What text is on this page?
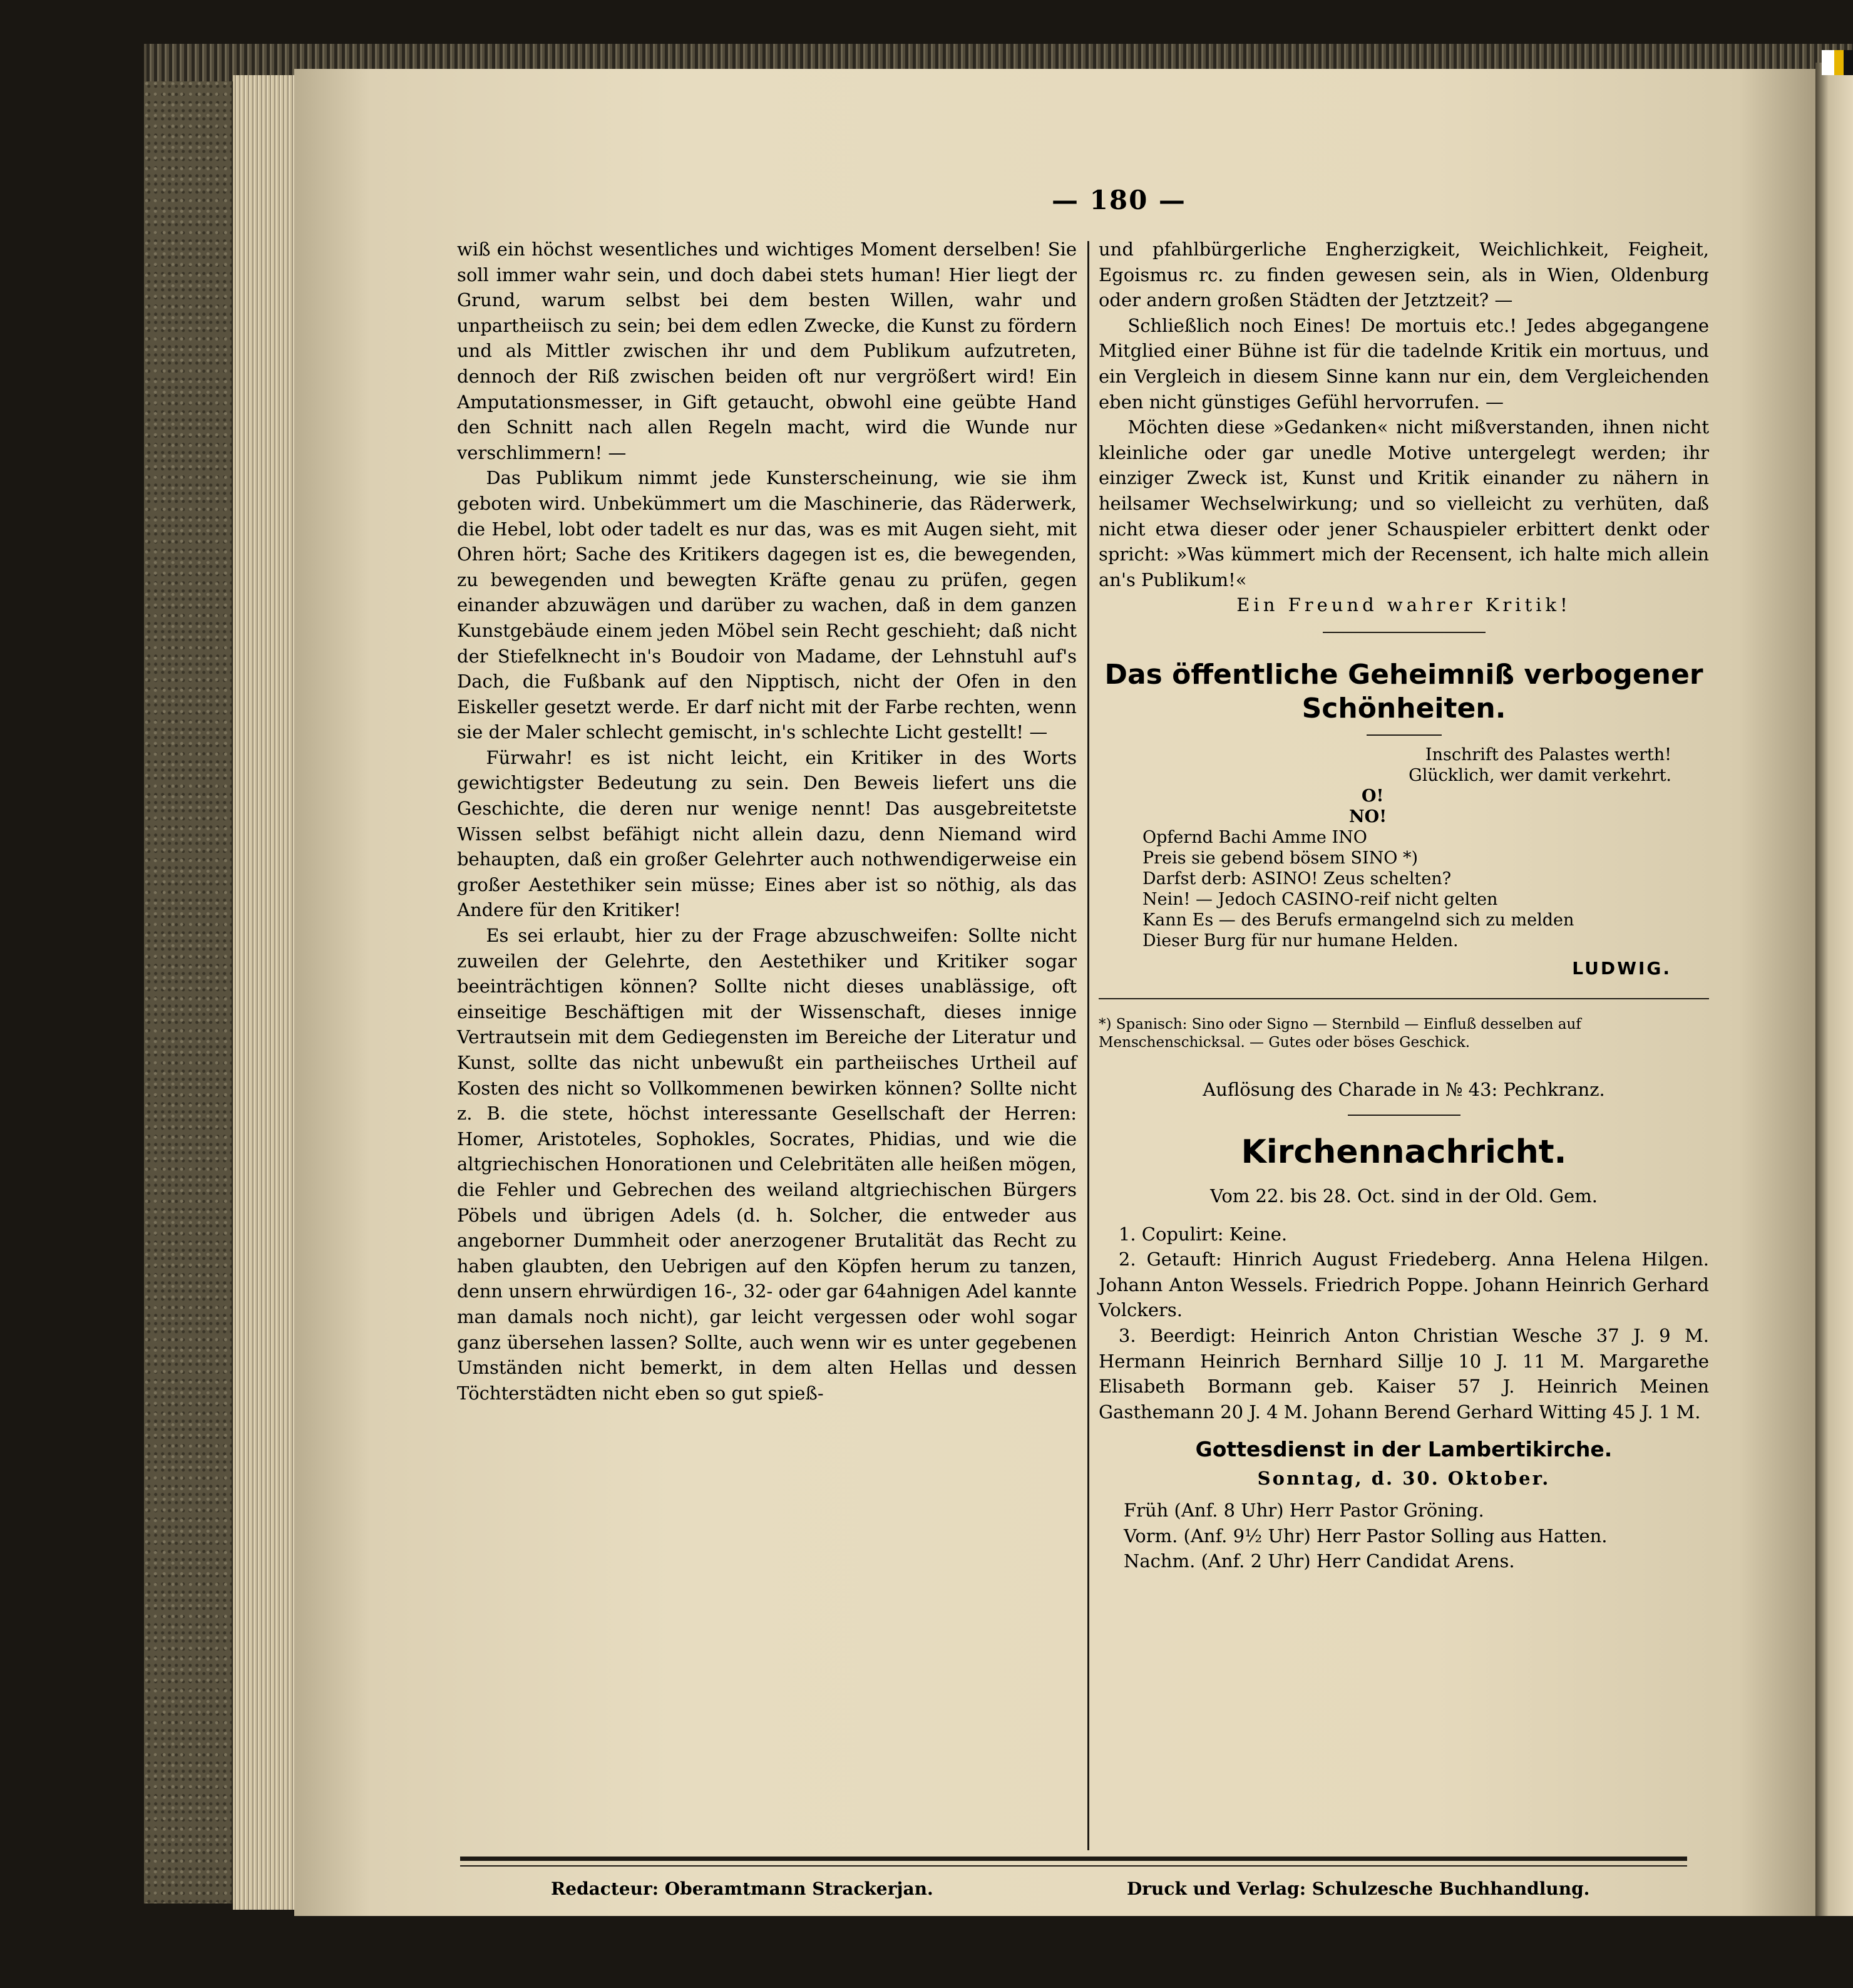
— 180 —

wiß ein höchst wesentliches und wichtiges Moment derselben! Sie soll immer wahr sein, und doch dabei stets human! Hier liegt der Grund, warum selbst bei dem besten Willen, wahr und unpartheiisch zu sein; bei dem edlen Zwecke, die Kunst zu fördern und als Mittler zwischen ihr und dem Publikum aufzutreten, dennoch der Riß zwischen beiden oft nur vergrößert wird! Ein Amputationsmesser, in Gift getaucht, obwohl eine geübte Hand den Schnitt nach allen Regeln macht, wird die Wunde nur verschlimmern! —

Das Publikum nimmt jede Kunsterscheinung, wie sie ihm geboten wird. Unbekümmert um die Maschinerie, das Räderwerk, die Hebel, lobt oder tadelt es nur das, was es mit Augen sieht, mit Ohren hört; Sache des Kritikers dagegen ist es, die bewegenden, zu bewegenden und bewegten Kräfte genau zu prüfen, gegen einander abzuwägen und darüber zu wachen, daß in dem ganzen Kunstgebäude einem jeden Möbel sein Recht geschieht; daß nicht der Stiefelknecht in's Boudoir von Madame, der Lehnstuhl auf's Dach, die Fußbank auf den Nipptisch, nicht der Ofen in den Eiskeller gesetzt werde. Er darf nicht mit der Farbe rechten, wenn sie der Maler schlecht gemischt, in's schlechte Licht gestellt! —

Fürwahr! es ist nicht leicht, ein Kritiker in des Worts gewichtigster Bedeutung zu sein. Den Beweis liefert uns die Geschichte, die deren nur wenige nennt! Das ausgebreitetste Wissen selbst befähigt nicht allein dazu, denn Niemand wird behaupten, daß ein großer Gelehrter auch nothwendigerweise ein großer Aestethiker sein müsse; Eines aber ist so nöthig, als das Andere für den Kritiker!

Es sei erlaubt, hier zu der Frage abzuschweifen: Sollte nicht zuweilen der Gelehrte, den Aestethiker und Kritiker sogar beeinträchtigen können? Sollte nicht dieses unablässige, oft einseitige Beschäftigen mit der Wissenschaft, dieses innige Vertrautsein mit dem Gediegensten im Bereiche der Literatur und Kunst, sollte das nicht unbewußt ein partheiisches Urtheil auf Kosten des nicht so Vollkommenen bewirken können? Sollte nicht z. B. die stete, höchst interessante Gesellschaft der Herren: Homer, Aristoteles, Sophokles, Socrates, Phidias, und wie die altgriechischen Honorationen und Celebritäten alle heißen mögen, die Fehler und Gebrechen des weiland altgriechischen Bürgers Pöbels und übrigen Adels (d. h. Solcher, die entweder aus angeborner Dummheit oder anerzogener Brutalität das Recht zu haben glaubten, den Uebrigen auf den Köpfen herum zu tanzen, denn unsern ehrwürdigen 16-, 32- oder gar 64ahnigen Adel kannte man damals noch nicht), gar leicht vergessen oder wohl sogar ganz übersehen lassen? Sollte, auch wenn wir es unter gegebenen Umständen nicht bemerkt, in dem alten Hellas und dessen Töchterstädten nicht eben so gut spieß-

und pfahlbürgerliche Engherzigkeit, Weichlichkeit, Feigheit, Egoismus rc. zu finden gewesen sein, als in Wien, Oldenburg oder andern großen Städten der Jetztzeit? —

Schließlich noch Eines! De mortuis etc.! Jedes abgegangene Mitglied einer Bühne ist für die tadelnde Kritik ein mortuus, und ein Vergleich in diesem Sinne kann nur ein, dem Vergleichenden eben nicht günstiges Gefühl hervorrufen. —

Möchten diese »Gedanken« nicht mißverstanden, ihnen nicht kleinliche oder gar unedle Motive untergelegt werden; ihr einziger Zweck ist, Kunst und Kritik einander zu nähern in heilsamer Wechselwirkung; und so vielleicht zu verhüten, daß nicht etwa dieser oder jener Schauspieler erbittert denkt oder spricht: »Was kümmert mich der Recensent, ich halte mich allein an's Publikum!«

Ein Freund wahrer Kritik!

Das öffentliche Geheimniß verbogener Schönheiten.
Inschrift des Palastes werth!
Glücklich, wer damit verkehrt.
O!
NO!
Opfernd Bachi Amme INO
Preis sie gebend bösem SINO *)
Darfst derb: ASINO! Zeus schelten?
Nein! — Jedoch CASINO-reif nicht gelten
Kann Es — des Berufs ermangelnd sich zu melden
Dieser Burg für nur humane Helden.
LUDWIG.

*) Spanisch: Sino oder Signo — Sternbild — Einfluß desselben auf Menschenschicksal. — Gutes oder böses Geschick.

Auflösung des Charade in № 43: Pechkranz.

Kirchennachricht.

Vom 22. bis 28. Oct. sind in der Old. Gem.

1. Copulirt: Keine.

2. Getauft: Hinrich August Friedeberg. Anna Helena Hilgen. Johann Anton Wessels. Friedrich Poppe. Johann Heinrich Gerhard Volckers.

3. Beerdigt: Heinrich Anton Christian Wesche 37 J. 9 M. Hermann Heinrich Bernhard Sillje 10 J. 11 M. Margarethe Elisabeth Bormann geb. Kaiser 57 J. Heinrich Meinen Gasthemann 20 J. 4 M. Johann Berend Gerhard Witting 45 J. 1 M.

Gottesdienst in der Lambertikirche.

Sonntag, d. 30. Oktober.

Früh (Anf. 8 Uhr) Herr Pastor Gröning.
Vorm. (Anf. 9½ Uhr) Herr Pastor Solling aus Hatten.
Nachm. (Anf. 2 Uhr) Herr Candidat Arens.
Redacteur: Oberamtmann Strackerjan.	Druck und Verlag: Schulzesche Buchhandlung.
